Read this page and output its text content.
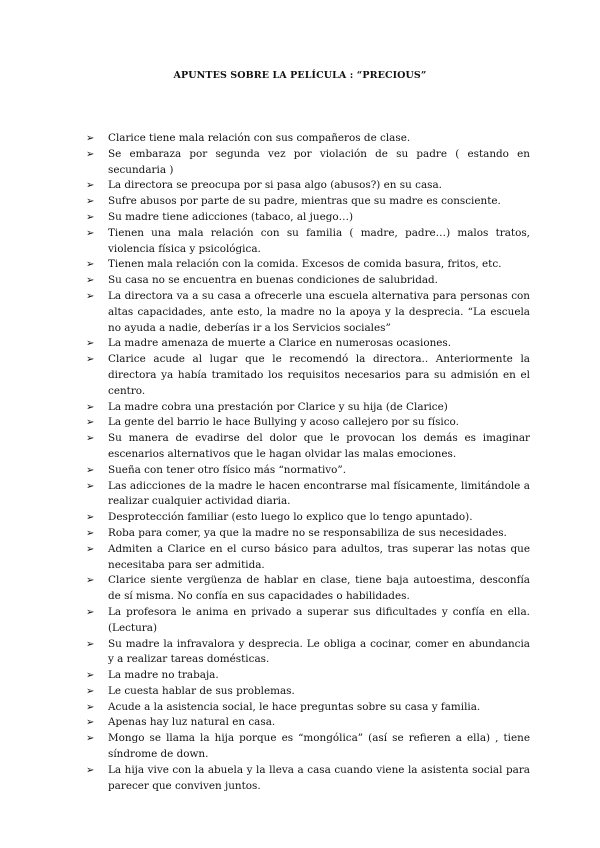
APUNTES SOBRE LA PELÍCULA : “PRECIOUS”
➢ Clarice tiene mala relación con sus compañeros de clase.
➢ Se embaraza por segunda vez por violación de su padre ( estando en secundaria )
➢ La directora se preocupa por si pasa algo (abusos?) en su casa.
➢ Sufre abusos por parte de su padre, mientras que su madre es consciente.
➢ Su madre tiene adicciones (tabaco, al juego…)
➢ Tienen una mala relación con su familia ( madre, padre…) malos tratos, violencia física y psicológica.
➢ Tienen mala relación con la comida. Excesos de comida basura, fritos, etc.
➢ Su casa no se encuentra en buenas condiciones de salubridad.
➢ La directora va a su casa a ofrecerle una escuela alternativa para personas con altas capacidades, ante esto, la madre no la apoya y la desprecia. “La escuela no ayuda a nadie, deberías ir a los Servicios sociales”
➢ La madre amenaza de muerte a Clarice en numerosas ocasiones.
➢ Clarice acude al lugar que le recomendó la directora.. Anteriormente la directora ya había tramitado los requisitos necesarios para su admisión en el centro.
➢ La madre cobra una prestación por Clarice y su hija (de Clarice)
➢ La gente del barrio le hace Bullying y acoso callejero por su físico.
➢ Su manera de evadirse del dolor que le provocan los demás es imaginar escenarios alternativos que le hagan olvidar las malas emociones.
➢ Sueña con tener otro físico más “normativo”.
➢ Las adicciones de la madre le hacen encontrarse mal físicamente, limitándole a realizar cualquier actividad diaria.
➢ Desprotección familiar (esto luego lo explico que lo tengo apuntado).
➢ Roba para comer, ya que la madre no se responsabiliza de sus necesidades.
➢ Admiten a Clarice en el curso básico para adultos, tras superar las notas que necesitaba para ser admitida.
➢ Clarice siente vergüenza de hablar en clase, tiene baja autoestima, desconfía de sí misma. No confía en sus capacidades o habilidades.
➢ La profesora le anima en privado a superar sus dificultades y confía en ella. (Lectura)
➢ Su madre la infravalora y desprecia. Le obliga a cocinar, comer en abundancia y a realizar tareas domésticas.
➢ La madre no trabaja.
➢ Le cuesta hablar de sus problemas.
➢ Acude a la asistencia social, le hace preguntas sobre su casa y familia.
➢ Apenas hay luz natural en casa.
➢ Mongo se llama la hija porque es “mongólica” (así se refieren a ella) , tiene síndrome de down.
➢ La hija vive con la abuela y la lleva a casa cuando viene la asistenta social para parecer que conviven juntos.
